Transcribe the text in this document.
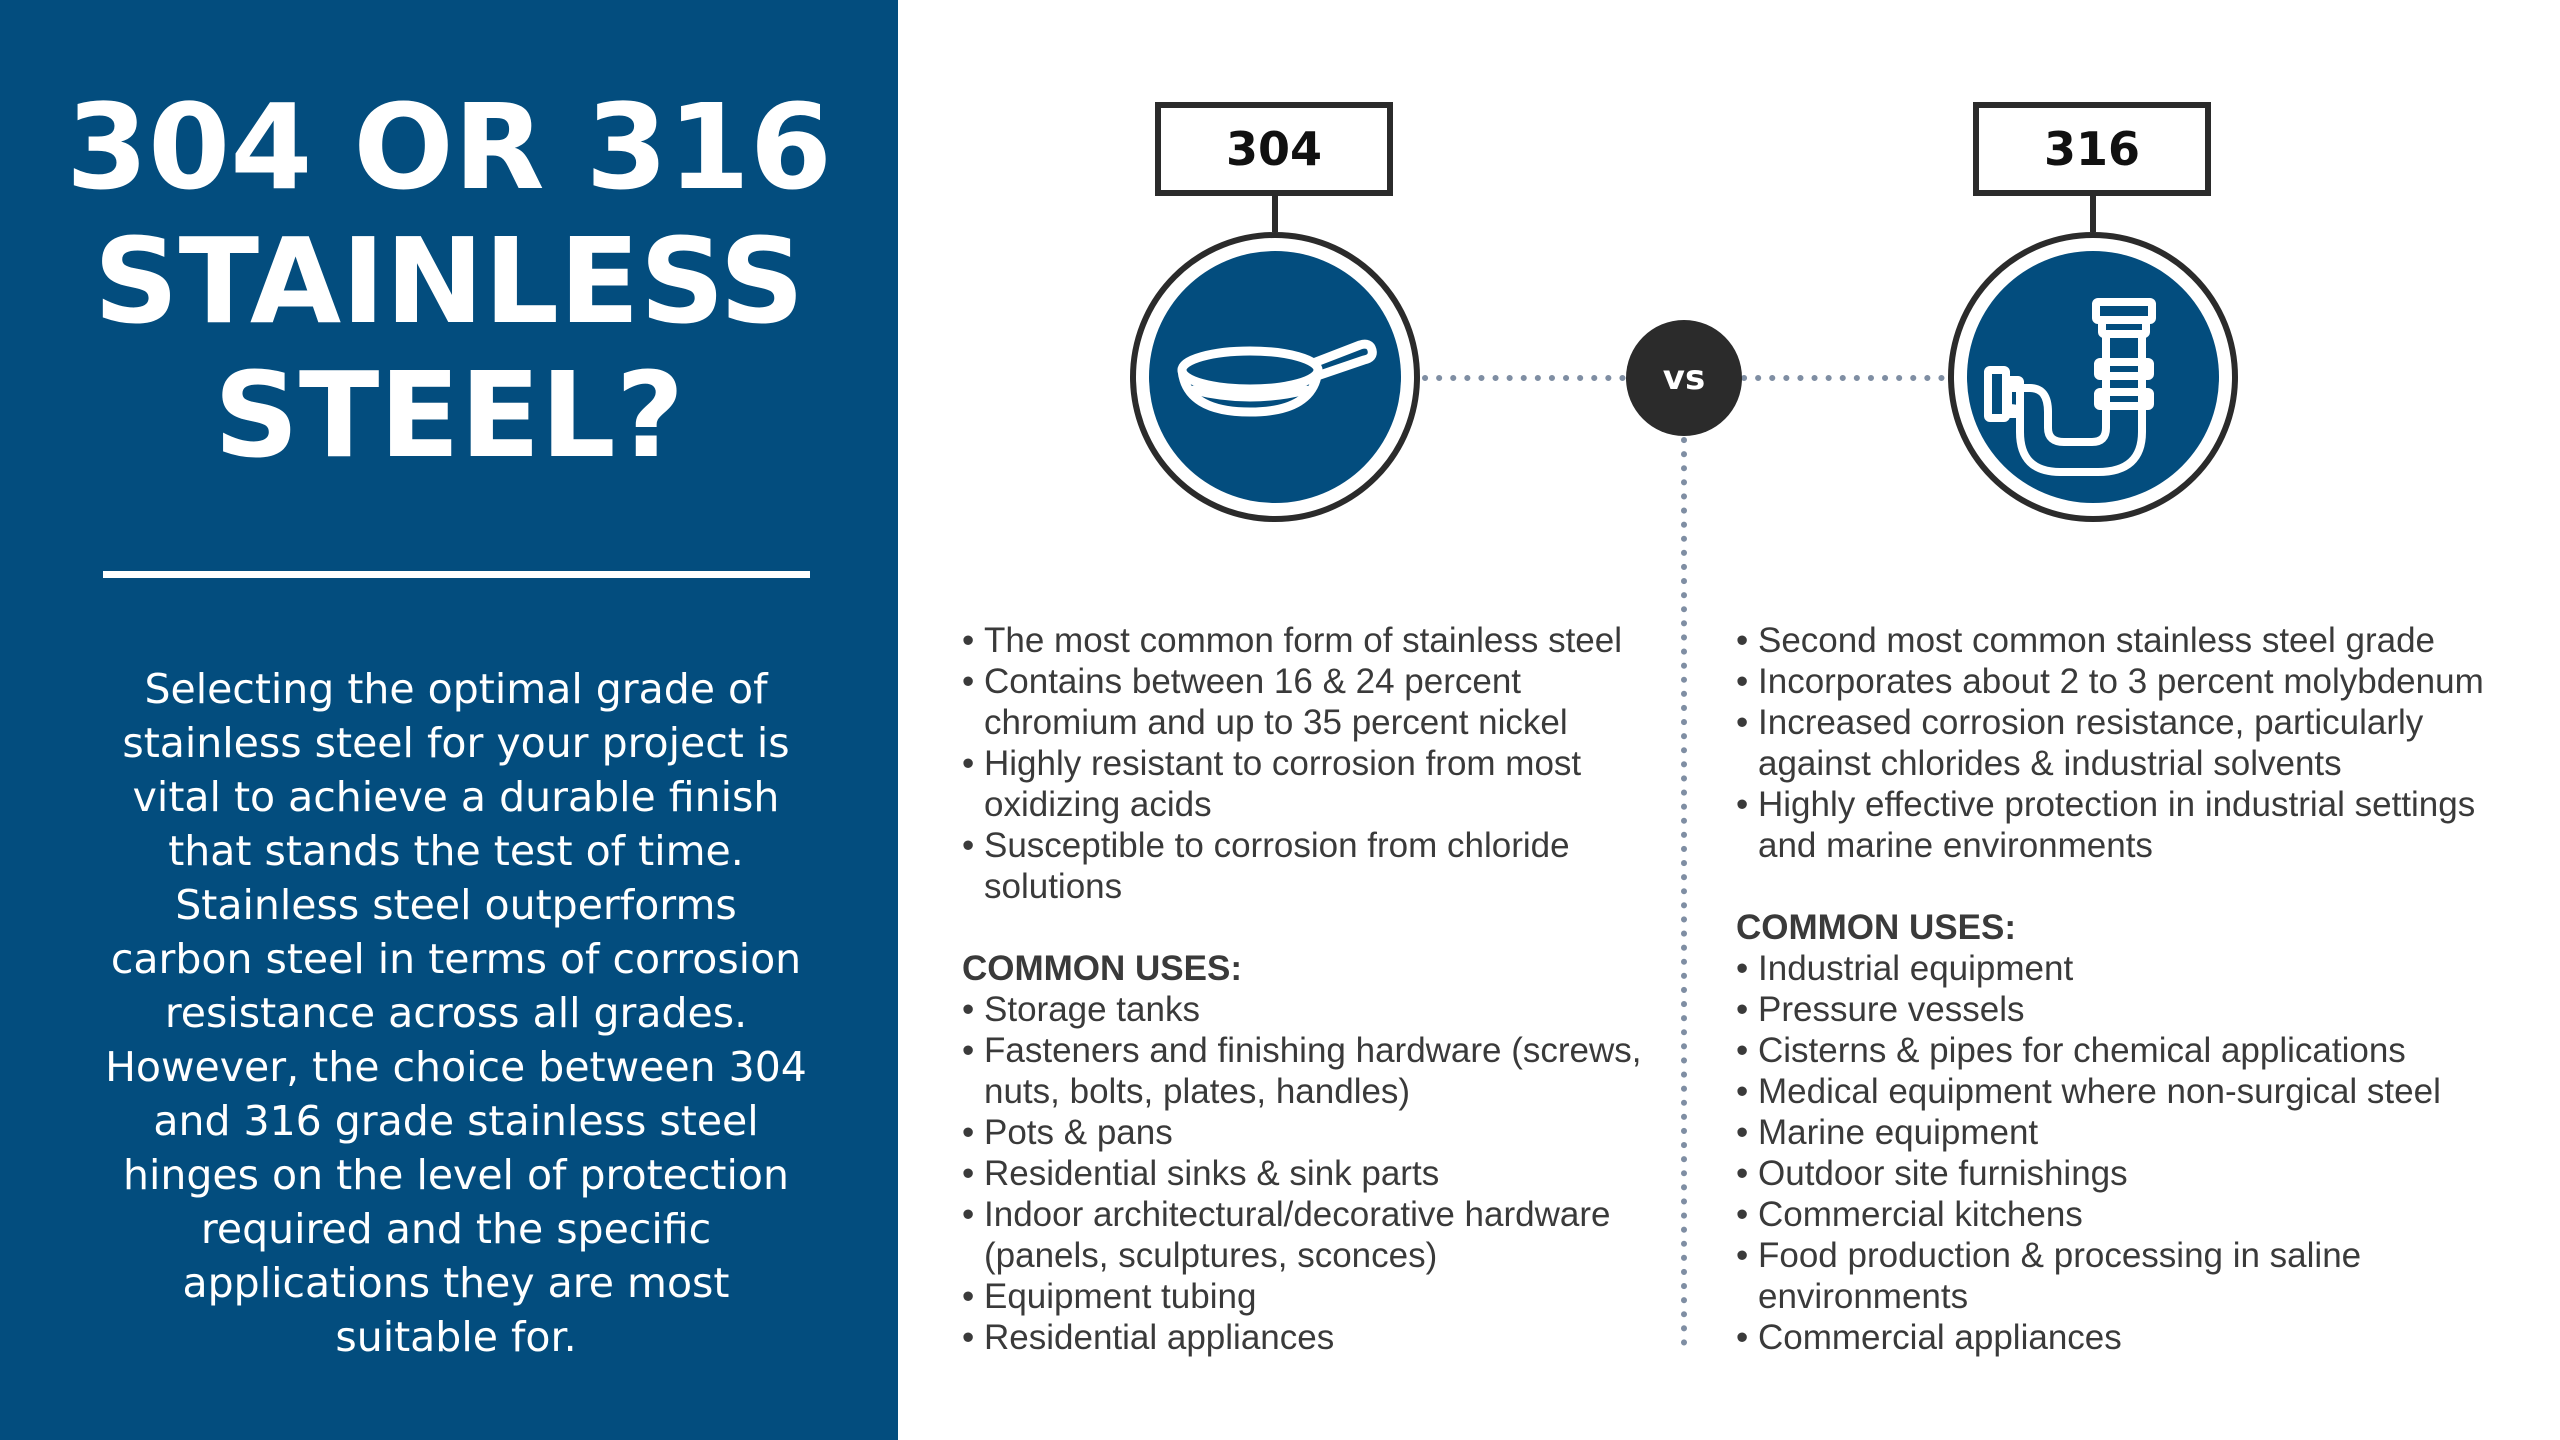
304 OR 316
STAINLESS
STEEL?

Selecting the optimal grade of stainless steel for your project is vital to achieve a durable finish that stands the test of time. Stainless steel outperforms carbon steel in terms of corrosion resistance across all grades. However, the choice between 304 and 316 grade stainless steel hinges on the level of protection required and the specific applications they are most suitable for.

304	316
vs
• The most common form of stainless steel
• Contains between 16 & 24 percent chromium and up to 35 percent nickel
• Highly resistant to corrosion from most oxidizing acids
• Susceptible to corrosion from chloride solutions
COMMON USES:
• Storage tanks
• Fasteners and finishing hardware (screws, nuts, bolts, plates, handles)
• Pots & pans
• Residential sinks & sink parts
• Indoor architectural/decorative hardware (panels, sculptures, sconces)
• Equipment tubing
• Residential appliances
• Second most common stainless steel grade
• Incorporates about 2 to 3 percent molybdenum
• Increased corrosion resistance, particularly against chlorides & industrial solvents
• Highly effective protection in industrial settings and marine environments
COMMON USES:
• Industrial equipment
• Pressure vessels
• Cisterns & pipes for chemical applications
• Medical equipment where non-surgical steel
• Marine equipment
• Outdoor site furnishings
• Commercial kitchens
• Food production & processing in saline environments
• Commercial appliances
